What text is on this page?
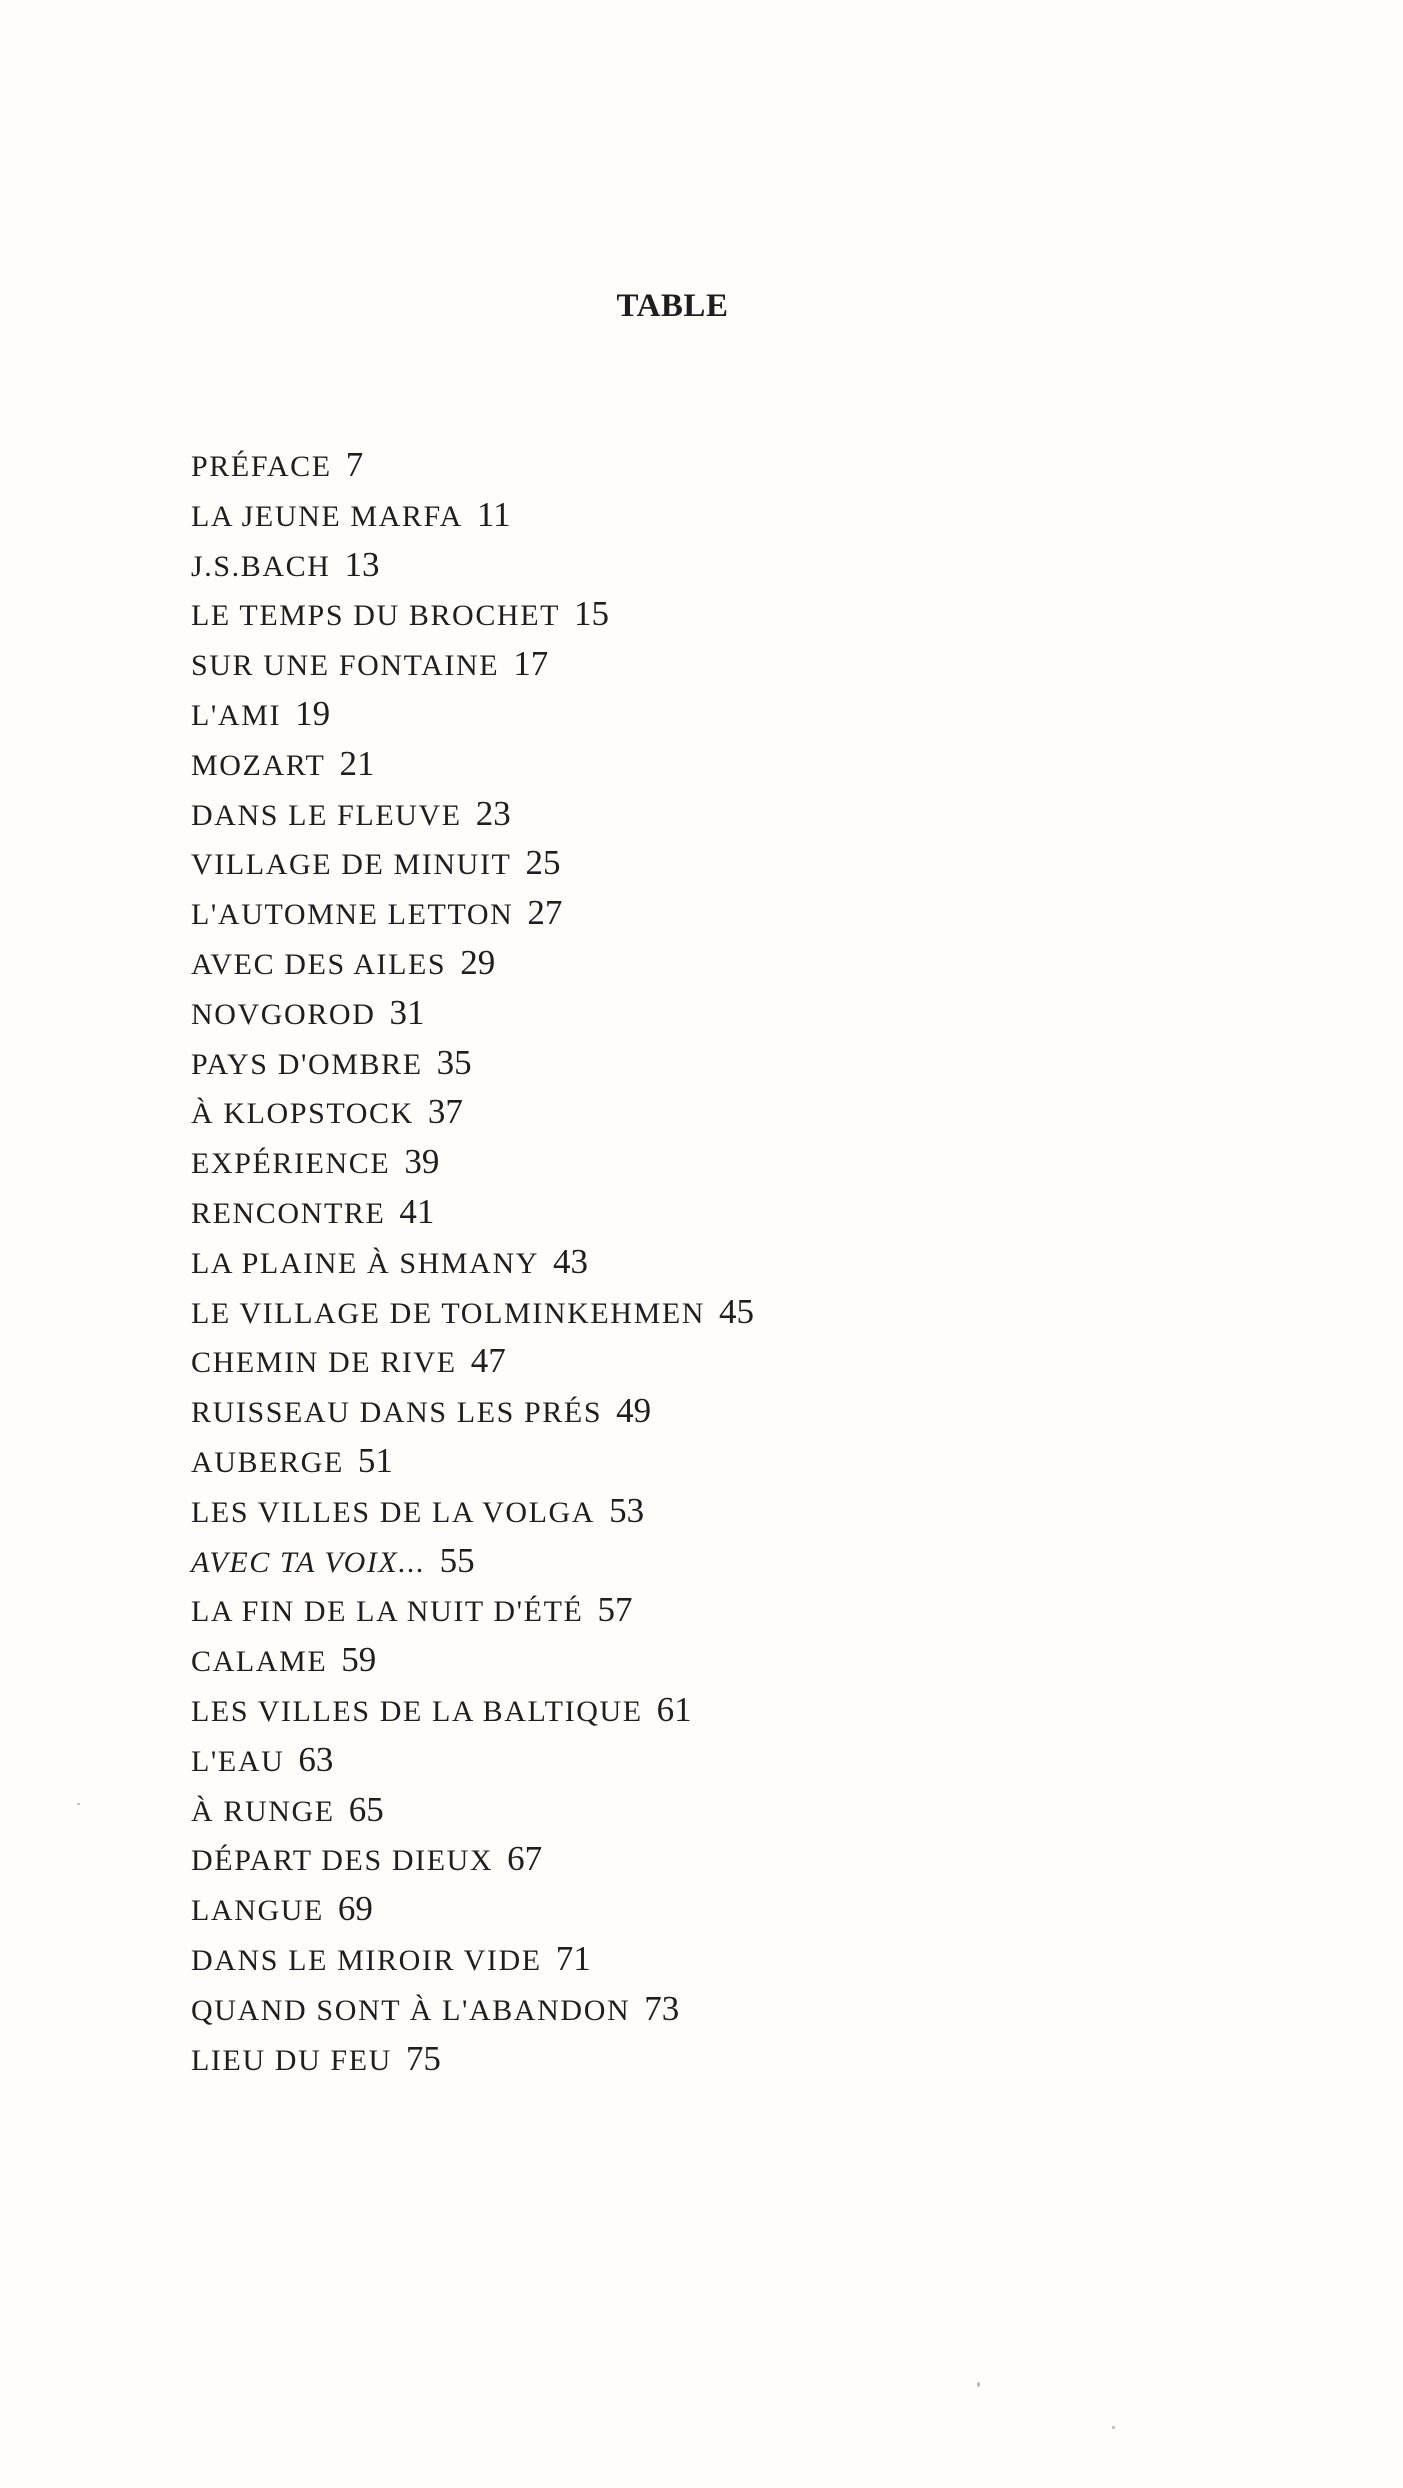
TABLE
PRÉFACE 7
LA JEUNE MARFA 11
J.S.BACH 13
LE TEMPS DU BROCHET 15
SUR UNE FONTAINE 17
L'AMI 19
MOZART 21
DANS LE FLEUVE 23
VILLAGE DE MINUIT 25
L'AUTOMNE LETTON 27
AVEC DES AILES 29
NOVGOROD 31
PAYS D'OMBRE 35
À KLOPSTOCK 37
EXPÉRIENCE 39
RENCONTRE 41
LA PLAINE À SHMANY 43
LE VILLAGE DE TOLMINKEHMEN 45
CHEMIN DE RIVE 47
RUISSEAU DANS LES PRÉS 49
AUBERGE 51
LES VILLES DE LA VOLGA 53
AVEC TA VOIX... 55
LA FIN DE LA NUIT D'ÉTÉ 57
CALAME 59
LES VILLES DE LA BALTIQUE 61
L'EAU 63
À RUNGE 65
DÉPART DES DIEUX 67
LANGUE 69
DANS LE MIROIR VIDE 71
QUAND SONT À L'ABANDON 73
LIEU DU FEU 75
